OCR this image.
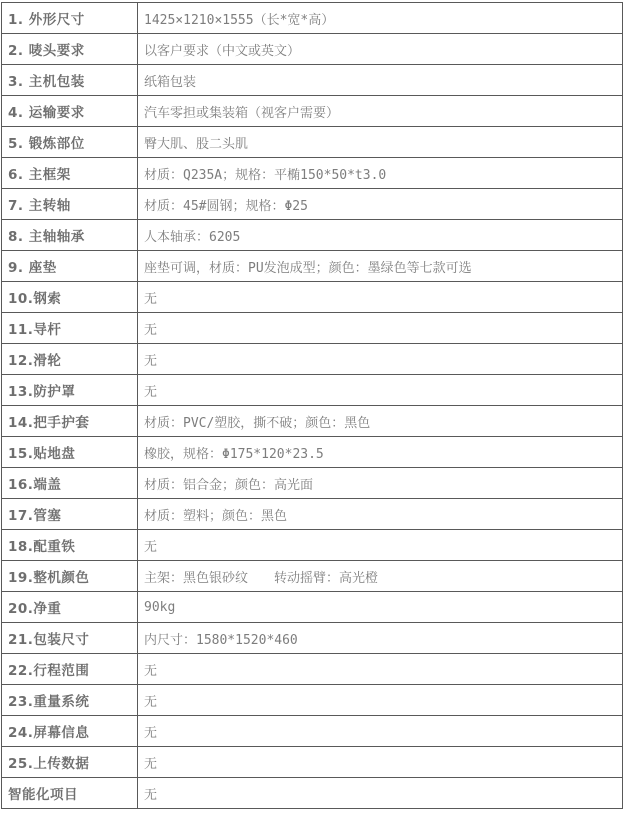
1. 外形尺寸	1425×1210×1555（长*宽*高）
2. 唛头要求	以客户要求（中文或英文）
3. 主机包装	纸箱包装
4. 运输要求	汽车零担或集装箱（视客户需要）
5. 锻炼部位	臀大肌、股二头肌
6. 主框架	材质：Q235A；规格：平椭150*50*t3.0
7. 主转轴	材质：45#圆钢；规格：Φ25
8. 主轴轴承	人本轴承：6205
9. 座垫	座垫可调，材质：PU发泡成型；颜色：墨绿色等七款可选
10.钢索	无
11.导杆	无
12.滑轮	无
13.防护罩	无
14.把手护套	材质：PVC/塑胶，撕不破；颜色：黑色
15.贴地盘	橡胶，规格：Φ175*120*23.5
16.端盖	材质：铝合金；颜色：高光面
17.管塞	材质：塑料；颜色：黑色
18.配重铁	无
19.整机颜色	主架：黑色银砂纹　　转动摇臂：高光橙
20.净重	90kg
21.包装尺寸	内尺寸：1580*1520*460
22.行程范围	无
23.重量系统	无
24.屏幕信息	无
25.上传数据	无
智能化项目	无
